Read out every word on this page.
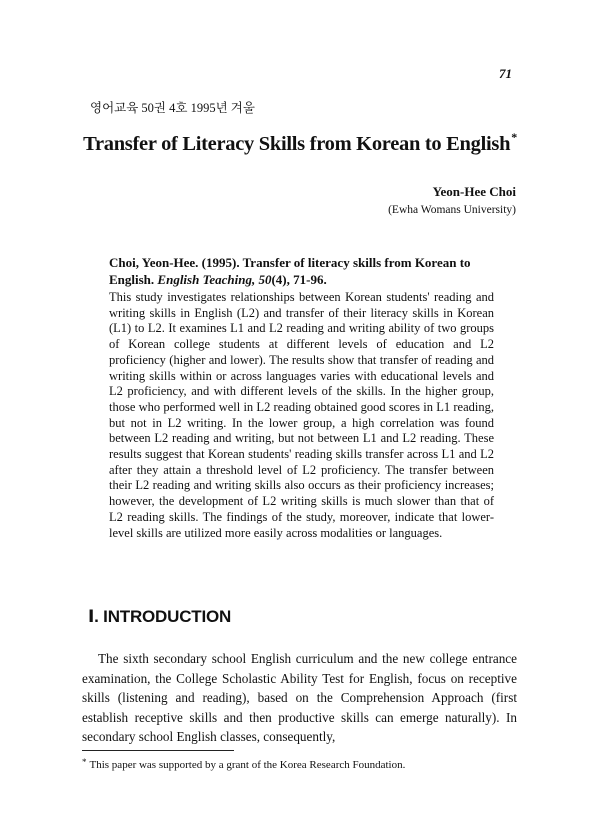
71
영어교육 50권 4호 1995년 겨울
Transfer of Literacy Skills from Korean to English*
Yeon-Hee Choi
(Ewha Womans University)
Choi, Yeon-Hee. (1995). Transfer of literacy skills from Korean to English. English Teaching, 50(4), 71-96.
This study investigates relationships between Korean students' reading and writing skills in English (L2) and transfer of their literacy skills in Korean (L1) to L2. It examines L1 and L2 reading and writing ability of two groups of Korean college students at different levels of education and L2 proficiency (higher and lower). The results show that transfer of reading and writing skills within or across languages varies with educational levels and L2 proficiency, and with different levels of the skills. In the higher group, those who performed well in L2 reading obtained good scores in L1 reading, but not in L2 writing. In the lower group, a high correlation was found between L2 reading and writing, but not between L1 and L2 reading. These results suggest that Korean students' reading skills transfer across L1 and L2 after they attain a threshold level of L2 proficiency. The transfer between their L2 reading and writing skills also occurs as their proficiency increases; however, the development of L2 writing skills is much slower than that of L2 reading skills. The findings of the study, moreover, indicate that lower-level skills are utilized more easily across modalities or languages.
Ⅰ. INTRODUCTION
The sixth secondary school English curriculum and the new college entrance examination, the College Scholastic Ability Test for English, focus on receptive skills (listening and reading), based on the Comprehension Approach (first establish receptive skills and then productive skills can emerge naturally). In secondary school English classes, consequently,
* This paper was supported by a grant of the Korea Research Foundation.
